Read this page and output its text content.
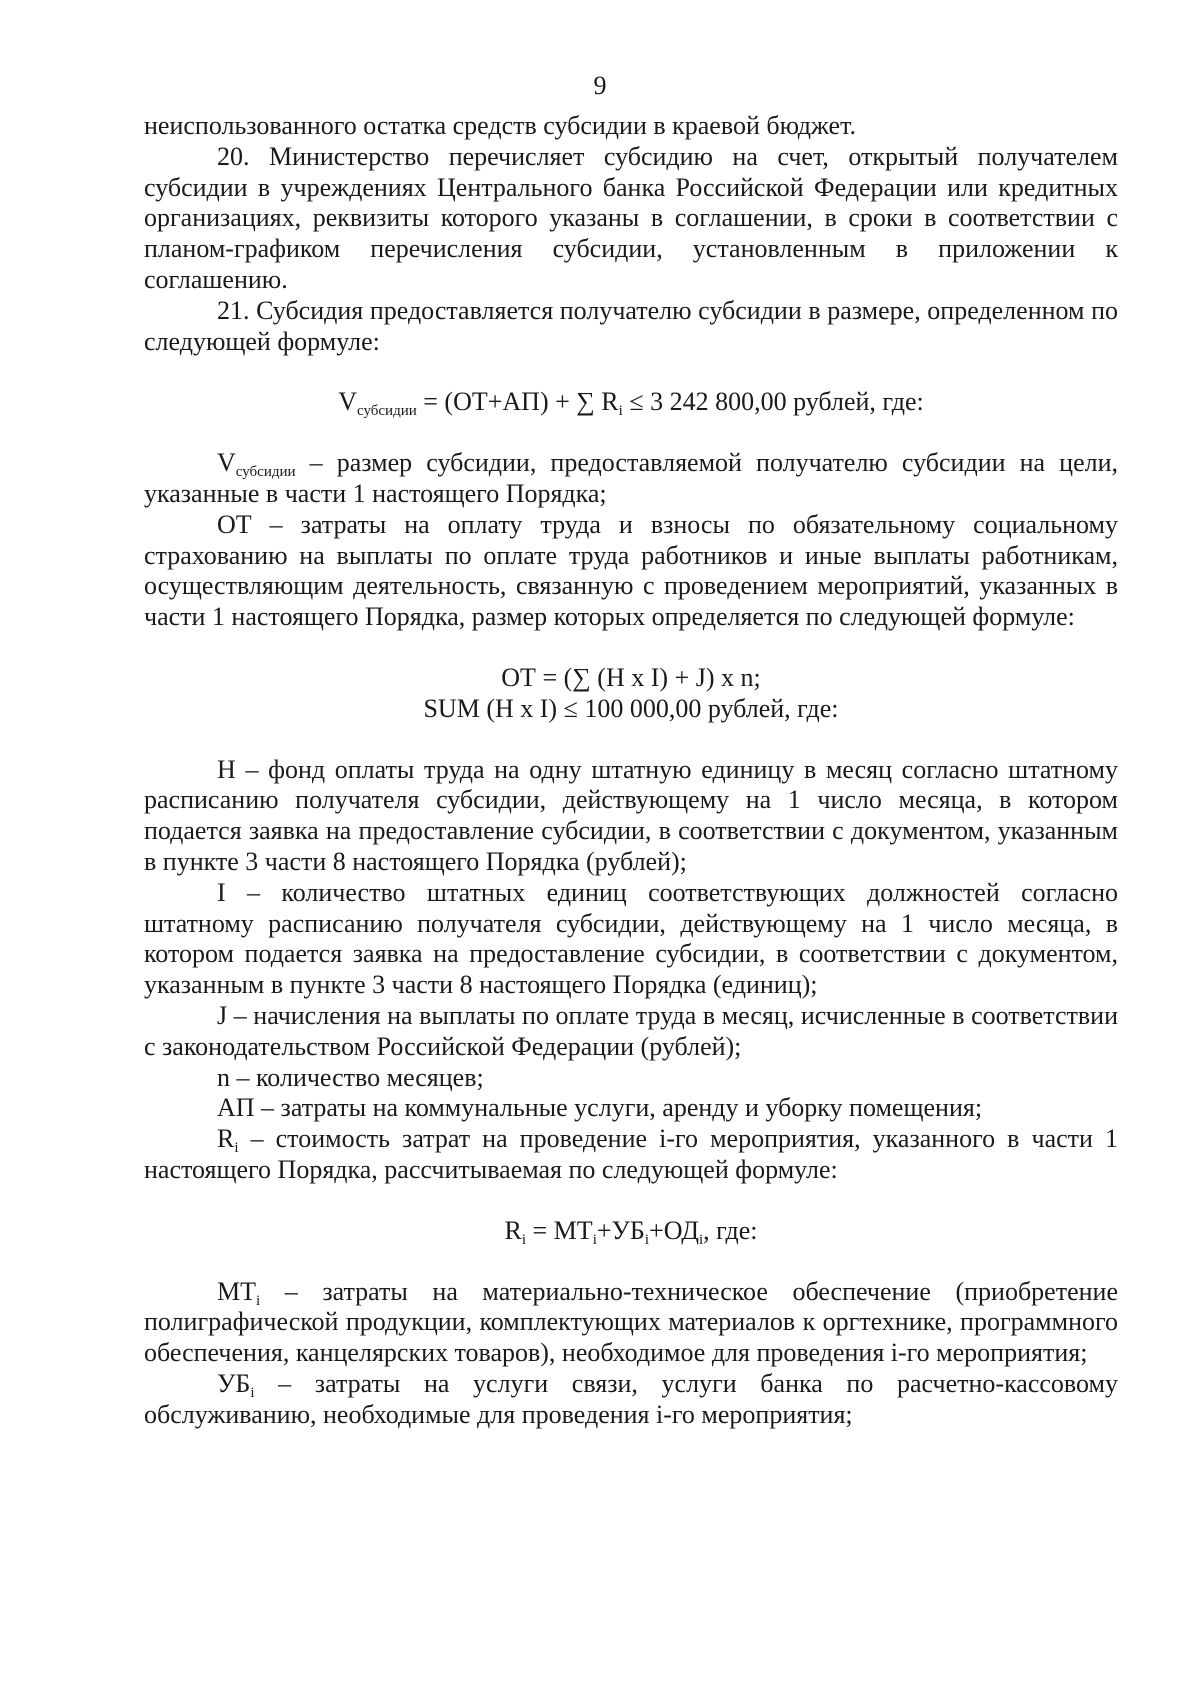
9

неиспользованного остатка средств субсидии в краевой бюджет.

20. Министерство перечисляет субсидию на счет, открытый получателем субсидии в учреждениях Центрального банка Российской Федерации или кредитных организациях, реквизиты которого указаны в соглашении, в сроки в соответствии с планом-графиком перечисления субсидии, установленным в приложении к соглашению.

21. Субсидия предоставляется получателю субсидии в размере, определенном по следующей формуле:

$V_{субсидии} = (ОТ+АП)$ + ∑ $R_i \le 3$ 242 800,00 рублей, где:

$V_{субсидии}$ – размер субсидии, предоставляемой получателю субсидии на цели, указанные в части 1 настоящего Порядка;

ОТ – затраты на оплату труда и взносы по обязательному социальному страхованию на выплаты по оплате труда работников и иные выплаты работникам, осуществляющим деятельность, связанную с проведением мероприятий, указанных в части 1 настоящего Порядка, размер которых определяется по следующей формуле:

ОТ = (∑ (H x I) + J) x n;

SUM (H x I) ≤ 100 000,00 рублей, где:

H – фонд оплаты труда на одну штатную единицу в месяц согласно штатному расписанию получателя субсидии, действующему на 1 число месяца, в котором подается заявка на предоставление субсидии, в соответствии с документом, указанным в пункте 3 части 8 настоящего Порядка (рублей);

I – количество штатных единиц соответствующих должностей согласно штатному расписанию получателя субсидии, действующему на 1 число месяца, в котором подается заявка на предоставление субсидии, в соответствии с документом, указанным в пункте 3 части 8 настоящего Порядка (единиц);

J – начисления на выплаты по оплате труда в месяц, исчисленные в соответствии с законодательством Российской Федерации (рублей);

n – количество месяцев;

АП – затраты на коммунальные услуги, аренду и уборку помещения;

$R_i$ – стоимость затрат на проведение i-го мероприятия, указанного в части 1 настоящего Порядка, рассчитываемая по следующей формуле:

$R_i = МТ_i+УБ_i+ОД_i$, где:

$МТ_i$ – затраты на материально-техническое обеспечение (приобретение полиграфической продукции, комплектующих материалов к оргтехнике, программного обеспечения, канцелярских товаров), необходимое для проведения i-го мероприятия;

$УБ_i$ – затраты на услуги связи, услуги банка по расчетно-кассовому обслуживанию, необходимые для проведения i-го мероприятия;
